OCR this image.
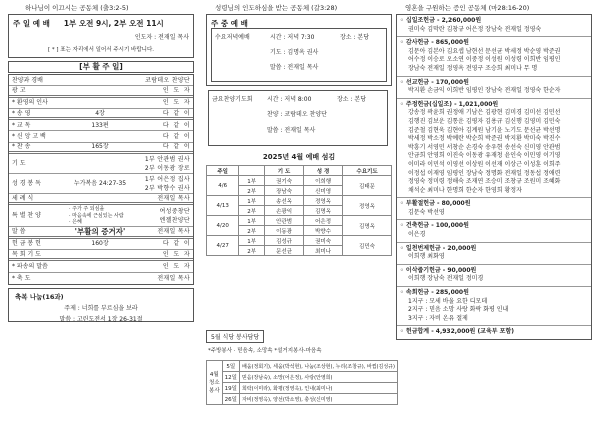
하나님이 이끄시는 공동체 (출3:2-5)	성령님의 인도하심을 받는 공동체 (갈3:28)	영혼을 구원하는 증인 공동체 (마28:16-20)
주 일 예 배 1부 오전 9시, 2부 오전 11시
인도자 : 전재일 목사
[ * ] 표는 자리에서 일어서 주시기 바랍니다.
[부 활 주 일]
찬양과 경배	코람데오 찬양단
광 고	인  도  자
* 환영의 인사	인  도  자
* 송 영	4장	다  같  이
* 교 독	133편	다  같  이
* 신 앙 고 백	다  같  이
* 찬 송	165장	다  같  이
기 도
1부 안관범 권사
2부 이동광 장로
성 경 봉 독	누가복음 24:27-35
1부 어은정 집사
2부 박향수 권사
세 례 식	전재일 목사
특 별 찬 양
· 주가 주 되심을
· 마음속에 근심있는 사람
· 은혜
여성중창단
엔젤찬양단
말 씀	'부활의 증거자'	전재일 목사
헌 금 봉 헌	160장	다  같  이
목 회 기 도	인  도  자
* 파송의 말씀	인  도  자
* 축 도	전재일 목사
축복 나눔(16과)
주제 : 너희를 부르심을 보라
말씀 : 고린도전서 1장 26-31절
주 중 예 배
수요저녁예배	시간 : 저녁 7:30	장소 : 본당
기도 : 김명옥 권사
말씀 : 전재일 목사
금요찬양기도회 시간 : 저녁 8:00	장소 : 본당
찬양 : 코람데오 찬양단
말씀 : 전재일 목사
2025년 4월 예배 섬김
주일		기 도	성 경	수요기도
4/6	1부	권기숙	이희행	김태문
	2부	장남숙	신미영	
4/13	1부	송선옥	정영옥	정영옥
	2부	손광익	김명옥	
4/20	1부	안관범	어은정	김명옥
	2부	이동광	박향수	
4/27	1부	김성규	권미숙	김민숙
	2부	문선균	최미나	
5월 식당 봉사담당
*주방봉사 · 믿음속, 소망속 *설거지봉사-마음속
4월
청소
봉사	5일	배움(정회기), 세움(박석현), 나눔(조상현), 누리(조창규), 바뀜(김성규)
	12일	믿음(장남숙), 소망(어은정), 사랑(안영희)
	19일	희락(이미라), 화평(정영옥), 인내(최미나)
	26일	자비(정영옥), 양선(박소영), 충성(신미영)
◦ 십일조헌금 - 2,260,000원
권미숙 김막란 김창규 어은정 장남숙 전재일 정영숙
◦ 감사헌금 - 865,000원
김문아 김본아 김요셉 남현선 문선균 박세정 박순영 박준권
어수정 이승로 오소연 이중정 이성원 이성령 이희반 임평인
장남숙 전재일 정영옥 전영구 조승희 최미나 무 명
◦ 선교헌금 - 170,000원
박지환 손금익 이희반 임평인 장남숙 전재일 정영숙 한순자
◦ 주정헌금(십일조) - 1,021,000원
강송정 곽윤희 권정애 기남은 김광현 김미경 김미선 김민선
김행진 김보운 김통운 김평자 김용규 김신행 김영미 김민숙
김준철 김현욱 김현아 김계원 남기윤 노기도 문선균 박선명
박세정 박소정 박예란 박순희 박준권 박지환 박미숙 박진수
박흥기 서영민 서창순 손경숙 송우현 송선숙 신미영 안관범
안금희 안영희 이진숙 이동광 유재청 윤인숙 이민영 이기영
이미라 이민석 이영선 이상원 이선재 이상근 이성훈 이희주
이정섭 이재영 임평인 장남숙 정명화 전재일 정동섭 정애련
정영숙 정미령 정해숙 조재연 조승미 조창규 조원미 조혜화
채석순 최미나 한명희 한순자 한영희 황정자
◦ 부활절헌금 - 80,000원
김문숙 박선영
◦ 건축헌금 - 100,000원
이은경
◦ 일천번제헌금 - 20,000원
이희행 최화영
◦ 이삭줍기헌금 - 90,000원
이희행 장남숙 전재일 정미경
◦ 속회헌금 - 285,000원
1지구 : 모세 바울 요한 디모데
2지구 : 믿음 소망 사랑 화락 화평 인내
3지구 : 자비 온유 절제
◦ 헌금합계 - 4,932,000원 (교육부 포함)
